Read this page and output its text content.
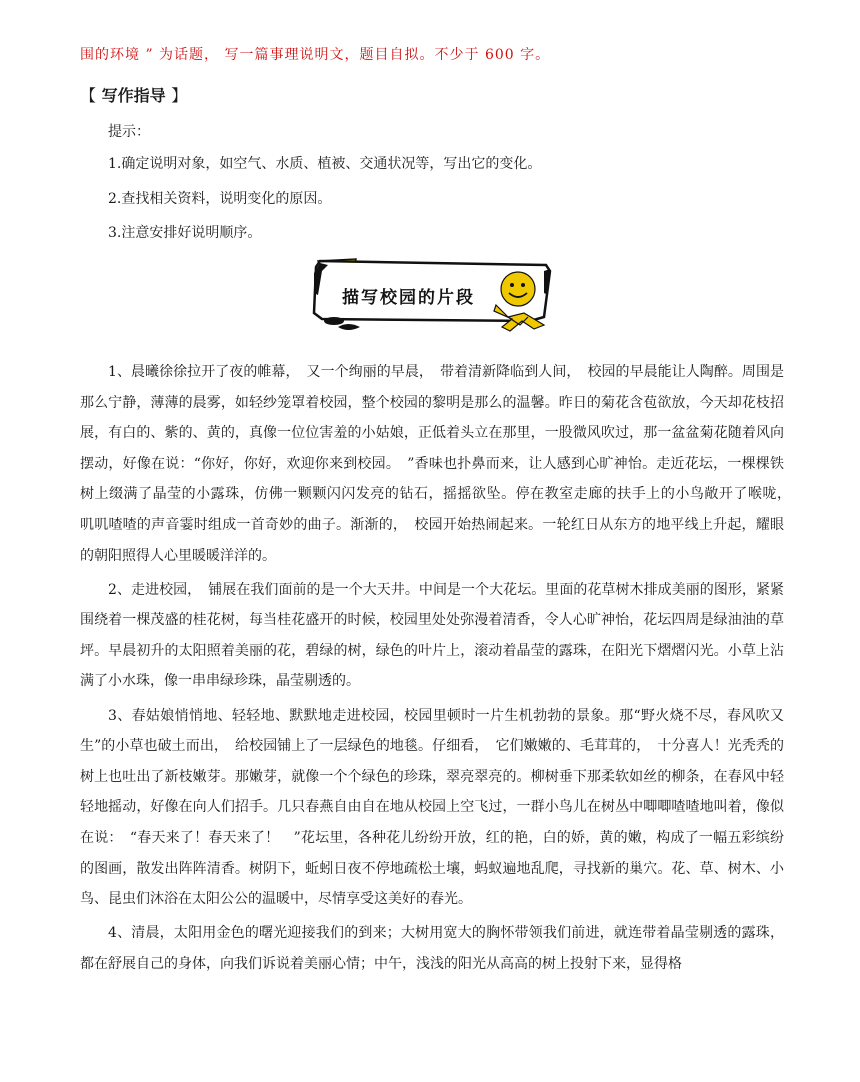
围的环境 ” 为话题， 写一篇事理说明文，题目自拟。不少于 600 字。
【 写作指导 】
提示：
1.确定说明对象，如空气、水质、植被、交通状况等，写出它的变化。
2.查找相关资料，说明变化的原因。
3.注意安排好说明顺序。
描写校园的片段

1、晨曦徐徐拉开了夜的帷幕，　又一个绚丽的早晨，　带着清新降临到人间，　校园的早晨能让人陶醉。周围是那么宁静，薄薄的晨雾，如轻纱笼罩着校园，整个校园的黎明是那么的温馨。昨日的菊花含苞欲放，今天却花枝招展，有白的、紫的、黄的，真像一位位害羞的小姑娘，正低着头立在那里，一股微风吹过，那一盆盆菊花随着风向摆动，好像在说：“你好，你好，欢迎你来到校园。　”香味也扑鼻而来，让人感到心旷神怡。走近花坛，一棵棵铁树上缀满了晶莹的小露珠，仿佛一颗颗闪闪发亮的钻石，摇摇欲坠。停在教室走廊的扶手上的小鸟敞开了喉咙，　叽叽喳喳的声音霎时组成一首奇妙的曲子。渐渐的，　校园开始热闹起来。一轮红日从东方的地平线上升起，耀眼的朝阳照得人心里暖暖洋洋的。

2、走进校园，　铺展在我们面前的是一个大天井。中间是一个大花坛。里面的花草树木排成美丽的图形，紧紧围绕着一棵茂盛的桂花树，每当桂花盛开的时候，校园里处处弥漫着清香，令人心旷神怡，花坛四周是绿油油的草坪。早晨初升的太阳照着美丽的花，碧绿的树，绿色的叶片上，滚动着晶莹的露珠，在阳光下熠熠闪光。小草上沾满了小水珠，像一串串绿珍珠，晶莹剔透的。

3、春姑娘悄悄地、轻轻地、默默地走进校园，校园里顿时一片生机勃勃的景象。那“野火烧不尽，春风吹又生”的小草也破土而出，　给校园铺上了一层绿色的地毯。仔细看，　它们嫩嫩的、毛茸茸的，　十分喜人！光秃秃的树上也吐出了新枝嫩芽。那嫩芽，就像一个个绿色的珍珠，翠亮翠亮的。柳树垂下那柔软如丝的柳条，在春风中轻轻地摇动，好像在向人们招手。几只春燕自由自在地从校园上空飞过，一群小鸟儿在树丛中唧唧喳喳地叫着，像似在说：　“春天来了！春天来了！　”花坛里，各种花儿纷纷开放，红的艳，白的娇，黄的嫩，构成了一幅五彩缤纷的图画，散发出阵阵清香。树阴下，蚯蚓日夜不停地疏松土壤，蚂蚁遍地乱爬，寻找新的巢穴。花、草、树木、小鸟、昆虫们沐浴在太阳公公的温暖中，尽情享受这美好的春光。

4、清晨，太阳用金色的曙光迎接我们的到来；大树用宽大的胸怀带领我们前进，就连带着晶莹剔透的露珠，都在舒展自己的身体，向我们诉说着美丽心情；中午，浅浅的阳光从高高的树上投射下来，显得格
